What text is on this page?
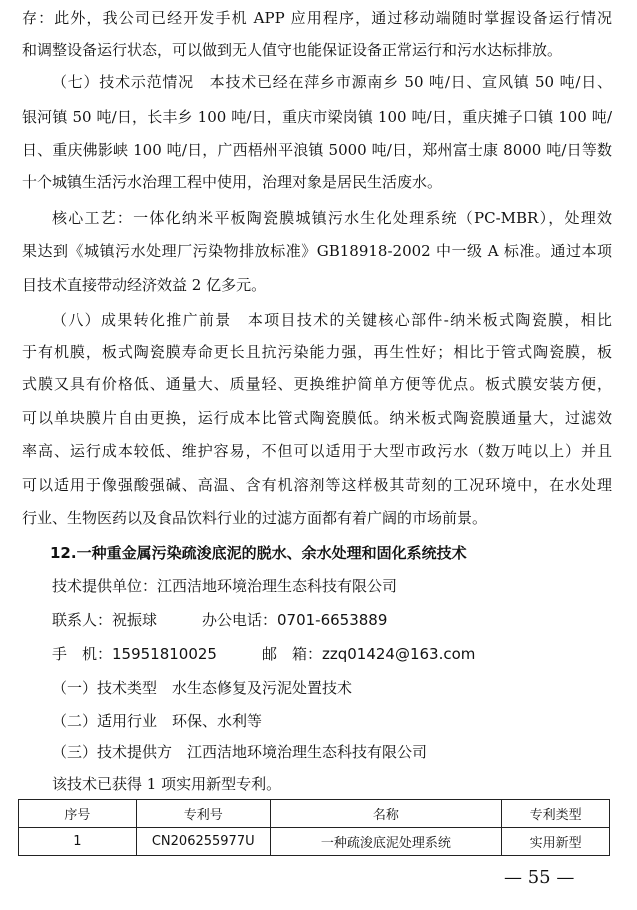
存：此外，我公司已经开发手机 APP 应用程序，通过移动端随时掌握设备运行情况
和调整设备运行状态，可以做到无人值守也能保证设备正常运行和污水达标排放。
（七）技术示范情况　本技术已经在萍乡市源南乡 50 吨/日、宣风镇 50 吨/日、
银河镇 50 吨/日，长丰乡 100 吨/日，重庆市梁岗镇 100 吨/日，重庆摊子口镇 100 吨/
日、重庆佛影峡 100 吨/日，广西梧州平浪镇 5000 吨/日，郑州富士康 8000 吨/日等数
十个城镇生活污水治理工程中使用，治理对象是居民生活废水。
核心工艺：一体化纳米平板陶瓷膜城镇污水生化处理系统（PC-MBR），处理效
果达到《城镇污水处理厂污染物排放标准》GB18918-2002 中一级 A 标准。通过本项
目技术直接带动经济效益 2 亿多元。
（八）成果转化推广前景　本项目技术的关键核心部件-纳米板式陶瓷膜，相比
于有机膜，板式陶瓷膜寿命更长且抗污染能力强，再生性好；相比于管式陶瓷膜，板
式膜又具有价格低、通量大、质量轻、更换维护简单方便等优点。板式膜安装方便，
可以单块膜片自由更换，运行成本比管式陶瓷膜低。纳米板式陶瓷膜通量大，过滤效
率高、运行成本较低、维护容易，不但可以适用于大型市政污水（数万吨以上）并且
可以适用于像强酸强碱、高温、含有机溶剂等这样极其苛刻的工况环境中，在水处理
行业、生物医药以及食品饮料行业的过滤方面都有着广阔的市场前景。
12.一种重金属污染疏浚底泥的脱水、余水处理和固化系统技术
技术提供单位：江西洁地环境治理生态科技有限公司
联系人：祝振球　　　办公电话：0701-6653889
手　机：15951810025　　　邮　箱：zzq01424@163.com
（一）技术类型　水生态修复及污泥处置技术
（二）适用行业　环保、水利等
（三）技术提供方　江西洁地环境治理生态科技有限公司
该技术已获得 1 项实用新型专利。
序号	专利号	名称	专利类型
1	CN206255977U	一种疏浚底泥处理系统	实用新型
— 55 —
